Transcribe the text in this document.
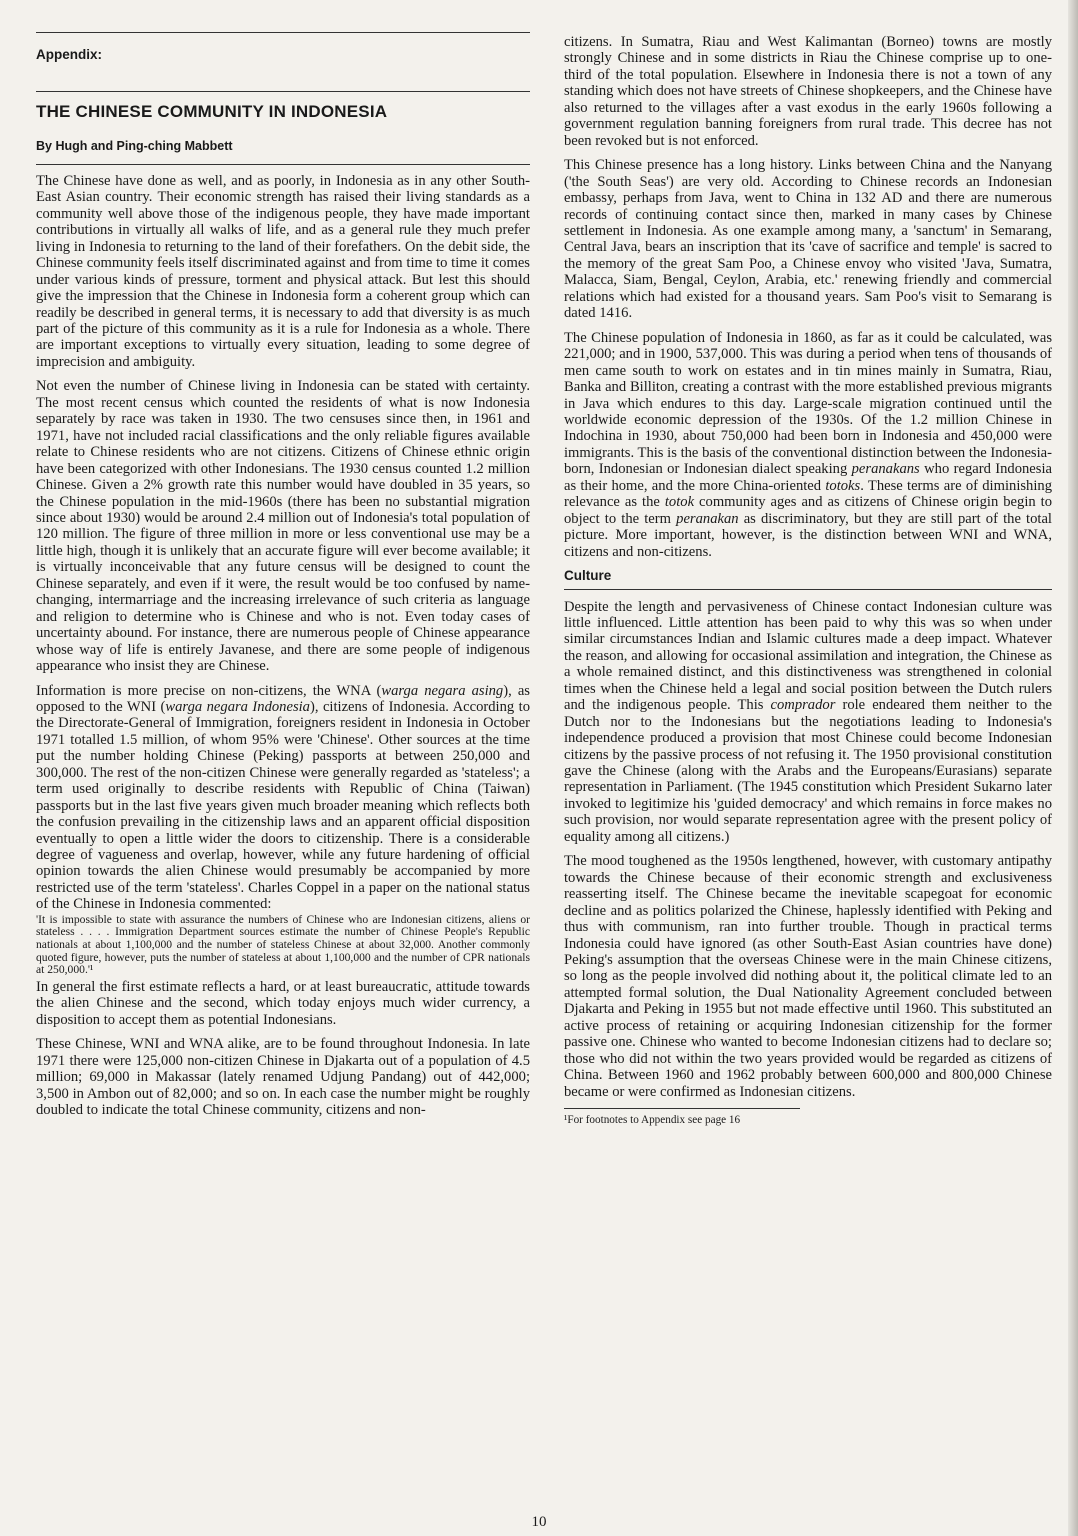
Appendix:
THE CHINESE COMMUNITY IN INDONESIA
By Hugh and Ping-ching Mabbett

The Chinese have done as well, and as poorly, in Indonesia as in any other South-East Asian country. Their economic strength has raised their living standards as a community well above those of the indigenous people, they have made important contributions in virtually all walks of life, and as a general rule they much prefer living in Indonesia to returning to the land of their forefathers. On the debit side, the Chinese community feels itself discriminated against and from time to time it comes under various kinds of pressure, torment and physical attack. But lest this should give the impression that the Chinese in Indonesia form a coherent group which can readily be described in general terms, it is necessary to add that diversity is as much part of the picture of this community as it is a rule for Indonesia as a whole. There are important exceptions to virtually every situation, leading to some degree of imprecision and ambiguity.

Not even the number of Chinese living in Indonesia can be stated with certainty. The most recent census which counted the residents of what is now Indonesia separately by race was taken in 1930. The two censuses since then, in 1961 and 1971, have not included racial classifications and the only reliable figures available relate to Chinese residents who are not citizens. Citizens of Chinese ethnic origin have been categorized with other Indonesians. The 1930 census counted 1.2 million Chinese. Given a 2% growth rate this number would have doubled in 35 years, so the Chinese population in the mid-1960s (there has been no substantial migration since about 1930) would be around 2.4 million out of Indonesia's total population of 120 million. The figure of three million in more or less conventional use may be a little high, though it is unlikely that an accurate figure will ever become available; it is virtually inconceivable that any future census will be designed to count the Chinese separately, and even if it were, the result would be too confused by name-changing, intermarriage and the increasing irrelevance of such criteria as language and religion to determine who is Chinese and who is not. Even today cases of uncertainty abound. For instance, there are numerous people of Chinese appearance whose way of life is entirely Javanese, and there are some people of indigenous appearance who insist they are Chinese.

Information is more precise on non-citizens, the WNA (warga negara asing), as opposed to the WNI (warga negara Indonesia), citizens of Indonesia. According to the Directorate-General of Immigration, foreigners resident in Indonesia in October 1971 totalled 1.5 million, of whom 95% were 'Chinese'. Other sources at the time put the number holding Chinese (Peking) passports at between 250,000 and 300,000. The rest of the non-citizen Chinese were generally regarded as 'stateless'; a term used originally to describe residents with Republic of China (Taiwan) passports but in the last five years given much broader meaning which reflects both the confusion prevailing in the citizenship laws and an apparent official disposition eventually to open a little wider the doors to citizenship. There is a considerable degree of vagueness and overlap, however, while any future hardening of official opinion towards the alien Chinese would presumably be accompanied by more restricted use of the term 'stateless'. Charles Coppel in a paper on the national status of the Chinese in Indonesia commented:

'It is impossible to state with assurance the numbers of Chinese who are Indonesian citizens, aliens or stateless . . . . Immigration Department sources estimate the number of Chinese People's Republic nationals at about 1,100,000 and the number of stateless Chinese at about 32,000. Another commonly quoted figure, however, puts the number of stateless at about 1,100,000 and the number of CPR nationals at 250,000.'¹

In general the first estimate reflects a hard, or at least bureaucratic, attitude towards the alien Chinese and the second, which today enjoys much wider currency, a disposition to accept them as potential Indonesians.

These Chinese, WNI and WNA alike, are to be found throughout Indonesia. In late 1971 there were 125,000 non-citizen Chinese in Djakarta out of a population of 4.5 million; 69,000 in Makassar (lately renamed Udjung Pandang) out of 442,000; 3,500 in Ambon out of 82,000; and so on. In each case the number might be roughly doubled to indicate the total Chinese community, citizens and non-

citizens. In Sumatra, Riau and West Kalimantan (Borneo) towns are mostly strongly Chinese and in some districts in Riau the Chinese comprise up to one-third of the total population. Elsewhere in Indonesia there is not a town of any standing which does not have streets of Chinese shopkeepers, and the Chinese have also returned to the villages after a vast exodus in the early 1960s following a government regulation banning foreigners from rural trade. This decree has not been revoked but is not enforced.

This Chinese presence has a long history. Links between China and the Nanyang ('the South Seas') are very old. According to Chinese records an Indonesian embassy, perhaps from Java, went to China in 132 AD and there are numerous records of continuing contact since then, marked in many cases by Chinese settlement in Indonesia. As one example among many, a 'sanctum' in Semarang, Central Java, bears an inscription that its 'cave of sacrifice and temple' is sacred to the memory of the great Sam Poo, a Chinese envoy who visited 'Java, Sumatra, Malacca, Siam, Bengal, Ceylon, Arabia, etc.' renewing friendly and commercial relations which had existed for a thousand years. Sam Poo's visit to Semarang is dated 1416.

The Chinese population of Indonesia in 1860, as far as it could be calculated, was 221,000; and in 1900, 537,000. This was during a period when tens of thousands of men came south to work on estates and in tin mines mainly in Sumatra, Riau, Banka and Billiton, creating a contrast with the more established previous migrants in Java which endures to this day. Large-scale migration continued until the worldwide economic depression of the 1930s. Of the 1.2 million Chinese in Indochina in 1930, about 750,000 had been born in Indonesia and 450,000 were immigrants. This is the basis of the conventional distinction between the Indonesia-born, Indonesian or Indonesian dialect speaking peranakans who regard Indonesia as their home, and the more China-oriented totoks. These terms are of diminishing relevance as the totok community ages and as citizens of Chinese origin begin to object to the term peranakan as discriminatory, but they are still part of the total picture. More important, however, is the distinction between WNI and WNA, citizens and non-citizens.

Culture

Despite the length and pervasiveness of Chinese contact Indonesian culture was little influenced. Little attention has been paid to why this was so when under similar circumstances Indian and Islamic cultures made a deep impact. Whatever the reason, and allowing for occasional assimilation and integration, the Chinese as a whole remained distinct, and this distinctiveness was strengthened in colonial times when the Chinese held a legal and social position between the Dutch rulers and the indigenous people. This comprador role endeared them neither to the Dutch nor to the Indonesians but the negotiations leading to Indonesia's independence produced a provision that most Chinese could become Indonesian citizens by the passive process of not refusing it. The 1950 provisional constitution gave the Chinese (along with the Arabs and the Europeans/Eurasians) separate representation in Parliament. (The 1945 constitution which President Sukarno later invoked to legitimize his 'guided democracy' and which remains in force makes no such provision, nor would separate representation agree with the present policy of equality among all citizens.)

The mood toughened as the 1950s lengthened, however, with customary antipathy towards the Chinese because of their economic strength and exclusiveness reasserting itself. The Chinese became the inevitable scapegoat for economic decline and as politics polarized the Chinese, haplessly identified with Peking and thus with communism, ran into further trouble. Though in practical terms Indonesia could have ignored (as other South-East Asian countries have done) Peking's assumption that the overseas Chinese were in the main Chinese citizens, so long as the people involved did nothing about it, the political climate led to an attempted formal solution, the Dual Nationality Agreement concluded between Djakarta and Peking in 1955 but not made effective until 1960. This substituted an active process of retaining or acquiring Indonesian citizenship for the former passive one. Chinese who wanted to become Indonesian citizens had to declare so; those who did not within the two years provided would be regarded as citizens of China. Between 1960 and 1962 probably between 600,000 and 800,000 Chinese became or were confirmed as Indonesian citizens.

¹For footnotes to Appendix see page 16
10
